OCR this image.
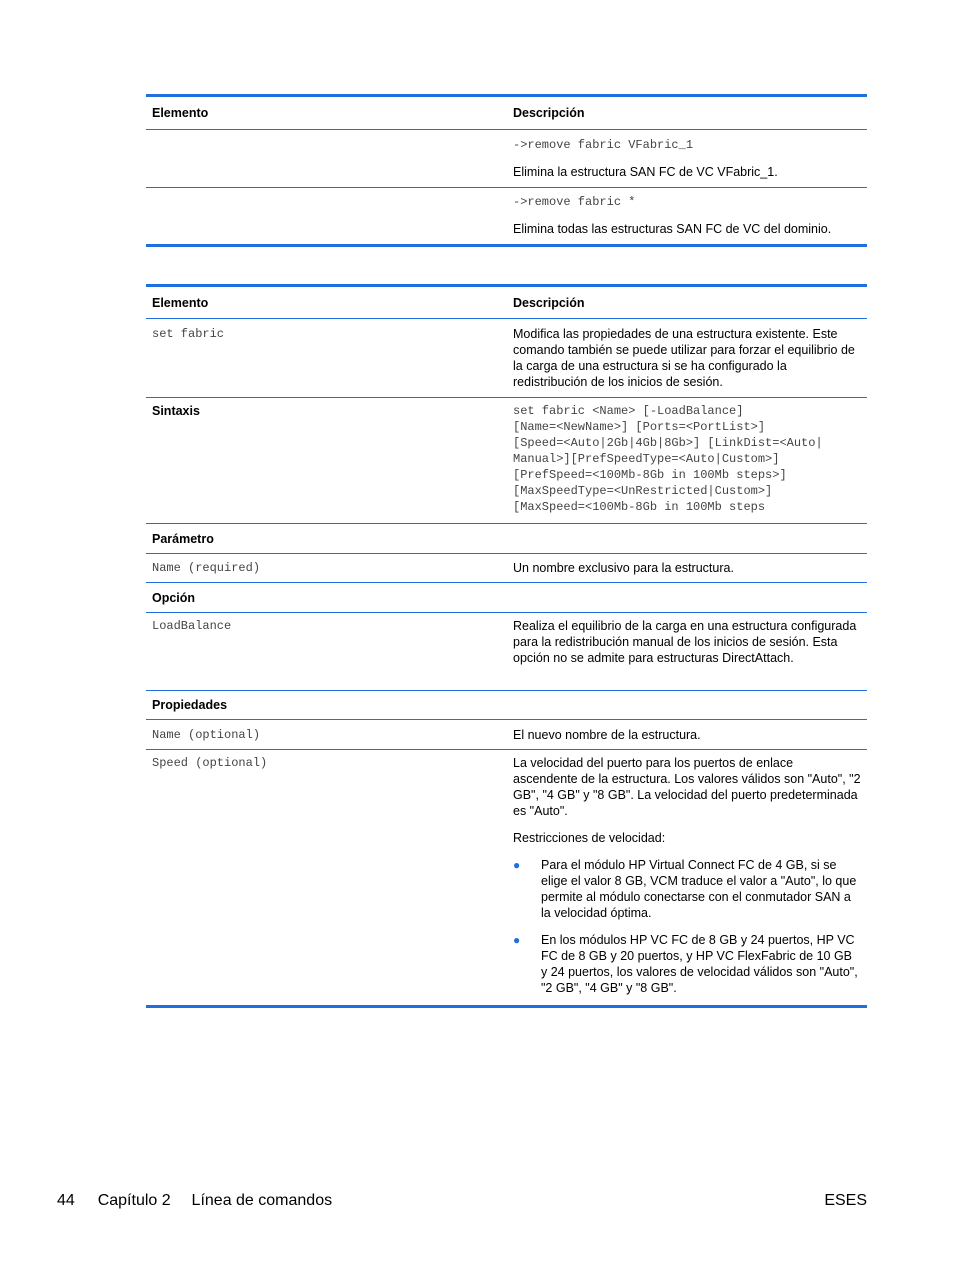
Elemento	Descripción
->remove fabric VFabric_1
Elimina la estructura SAN FC de VC VFabric_1.
->remove fabric *
Elimina todas las estructuras SAN FC de VC del dominio.
Elemento	Descripción
set fabric	Modifica las propiedades de una estructura existente. Este comando también se puede utilizar para forzar el equilibrio de la carga de una estructura si se ha configurado la redistribución de los inicios de sesión.
Sintaxis	set fabric <Name> [-LoadBalance]
[Name=<NewName>] [Ports=<PortList>]
[Speed=<Auto|2Gb|4Gb|8Gb>] [LinkDist=<Auto|
Manual>][PrefSpeedType=<Auto|Custom>]
[PrefSpeed=<100Mb-8Gb in 100Mb steps>]
[MaxSpeedType=<UnRestricted|Custom>]
[MaxSpeed=<100Mb-8Gb in 100Mb steps
Parámetro
Name (required)	Un nombre exclusivo para la estructura.
Opción
LoadBalance	Realiza el equilibrio de la carga en una estructura configurada para la redistribución manual de los inicios de sesión. Esta opción no se admite para estructuras DirectAttach.
Propiedades
Name (optional)	El nuevo nombre de la estructura.
Speed (optional)	La velocidad del puerto para los puertos de enlace ascendente de la estructura. Los valores válidos son "Auto", "2 GB", "4 GB" y "8 GB". La velocidad del puerto predeterminada es "Auto".
Restricciones de velocidad:
●	Para el módulo HP Virtual Connect FC de 4 GB, si se elige el valor 8 GB, VCM traduce el valor a "Auto", lo que permite al módulo conectarse con el conmutador SAN a la velocidad óptima.
●	En los módulos HP VC FC de 8 GB y 24 puertos, HP VC FC de 8 GB y 20 puertos, y HP VC FlexFabric de 10 GB y 24 puertos, los valores de velocidad válidos son "Auto", "2 GB", "4 GB" y "8 GB".
44 Capítulo 2 Línea de comandos	ESES
